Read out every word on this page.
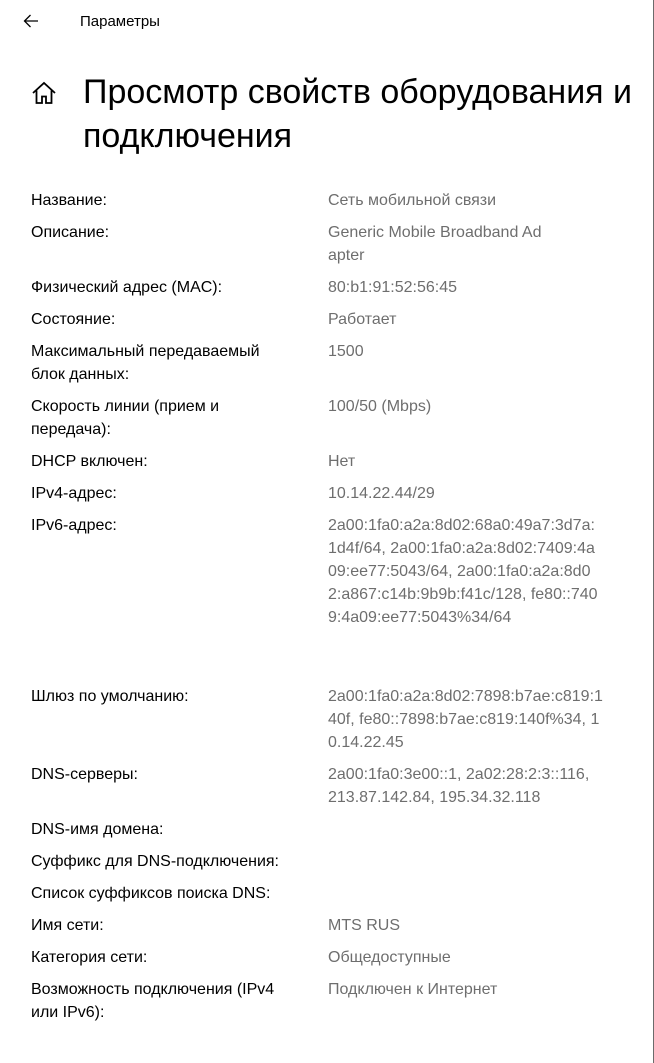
Параметры
Просмотр свойств оборудования и подключения
Название:	Сеть мобильной связи
Описание:	Generic Mobile Broadband Adapter
Физический адрес (MAC):	80:b1:91:52:56:45
Состояние:	Работает
Максимальный передаваемый блок данных:
1500
Скорость линии (прием и передача):
100/50 (Mbps)
DHCP включен:	Нет
IPv4-адрес:	10.14.22.44/29
IPv6-адрес:	2a00:1fa0:a2a:8d02:68a0:49a7:3d7a:1d4f/64, 2a00:1fa0:a2a:8d02:7409:4a09:ee77:5043/64, 2a00:1fa0:a2a:8d02:a867:c14b:9b9b:f41c/128, fe80::7409:4a09:ee77:5043%34/64
Шлюз по умолчанию:	2a00:1fa0:a2a:8d02:7898:b7ae:c819:140f, fe80::7898:b7ae:c819:140f%34, 10.14.22.45
DNS-серверы:	2a00:1fa0:3e00::1, 2a02:28:2:3::116, 213.87.142.84, 195.34.32.118
DNS-имя домена:
Суффикс для DNS-подключения:
Список суффиксов поиска DNS:
Имя сети:	MTS RUS
Категория сети:	Общедоступные
Возможность подключения (IPv4 или IPv6):
Подключен к Интернет
